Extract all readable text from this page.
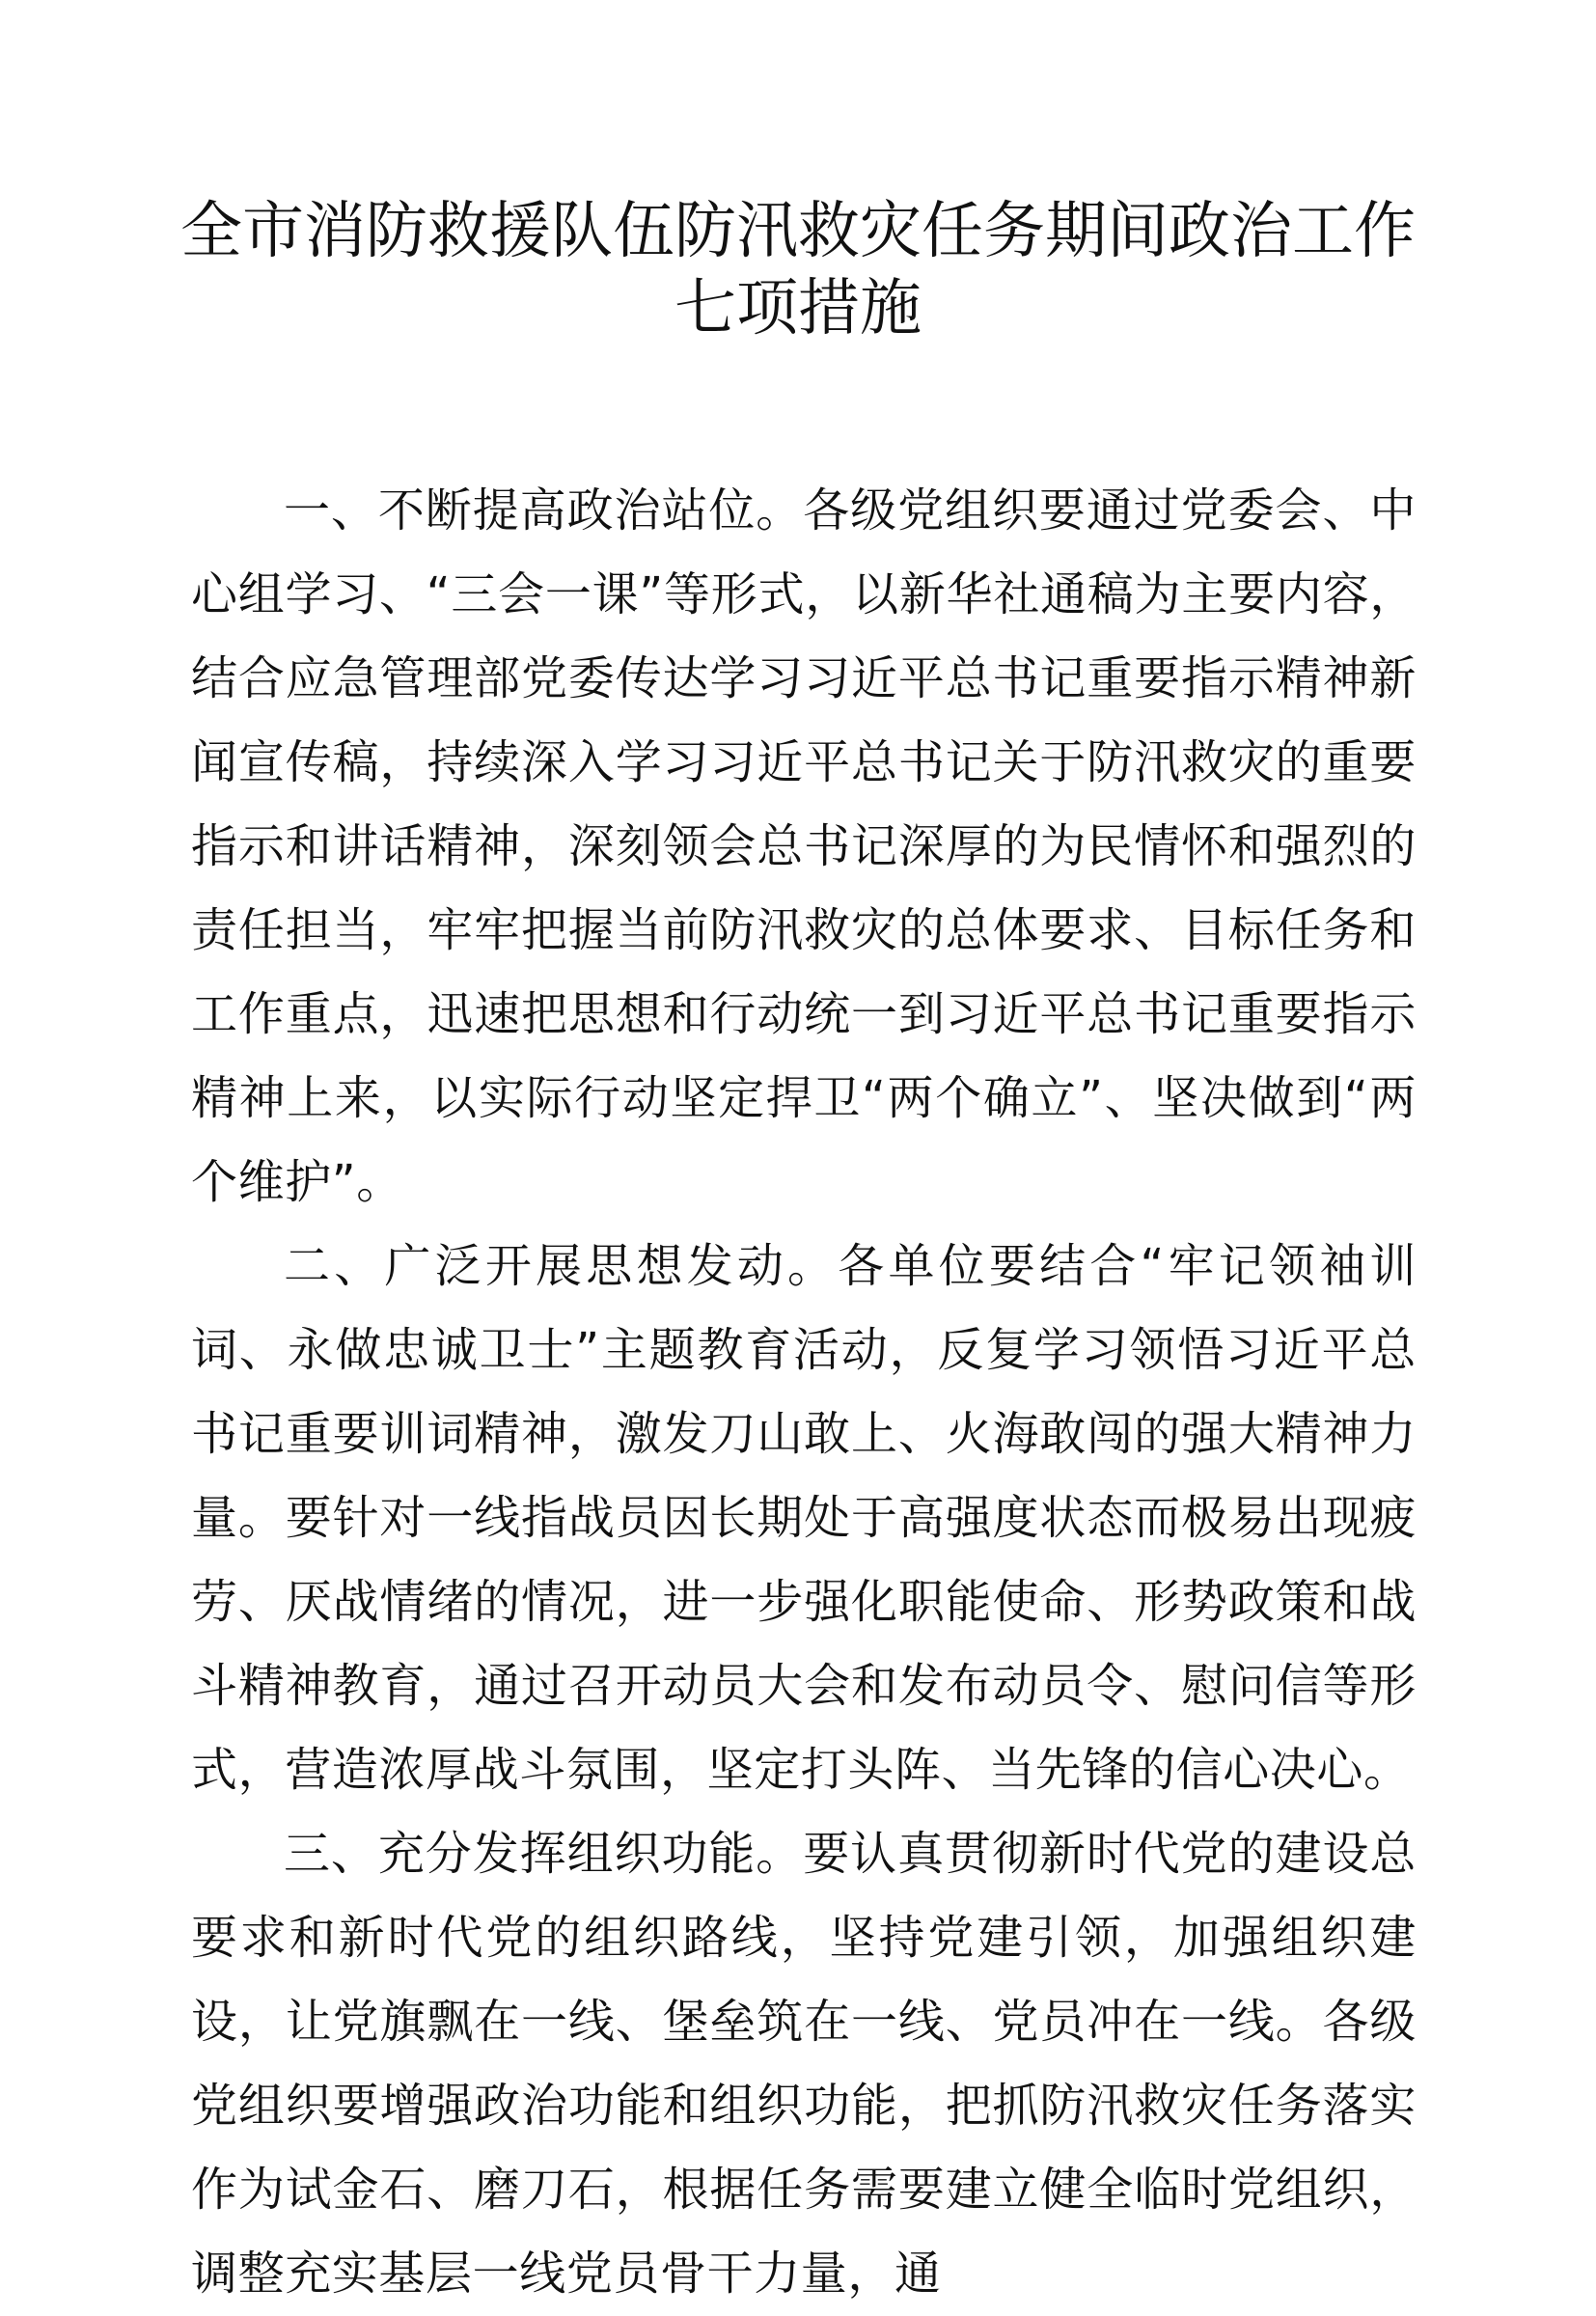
全市消防救援队伍防汛救灾任务期间政治工作
七项措施

一、不断提高政治站位。各级党组织要通过党委会、中心组学习、“三会一课”等形式，以新华社通稿为主要内容，结合应急管理部党委传达学习习近平总书记重要指示精神新闻宣传稿，持续深入学习习近平总书记关于防汛救灾的重要指示和讲话精神，深刻领会总书记深厚的为民情怀和强烈的责任担当，牢牢把握当前防汛救灾的总体要求、目标任务和工作重点，迅速把思想和行动统一到习近平总书记重要指示精神上来，以实际行动坚定捍卫“两个确立”、坚决做到“两个维护”。

二、广泛开展思想发动。各单位要结合“牢记领袖训词、永做忠诚卫士”主题教育活动，反复学习领悟习近平总书记重要训词精神，激发刀山敢上、火海敢闯的强大精神力量。要针对一线指战员因长期处于高强度状态而极易出现疲劳、厌战情绪的情况，进一步强化职能使命、形势政策和战斗精神教育，通过召开动员大会和发布动员令、慰问信等形式，营造浓厚战斗氛围，坚定打头阵、当先锋的信心决心。

三、充分发挥组织功能。要认真贯彻新时代党的建设总要求和新时代党的组织路线，坚持党建引领，加强组织建设，让党旗飘在一线、堡垒筑在一线、党员冲在一线。各级党组织要增强政治功能和组织功能，把抓防汛救灾任务落实作为试金石、磨刀石，根据任务需要建立健全临时党组织，调整充实基层一线党员骨干力量，通
